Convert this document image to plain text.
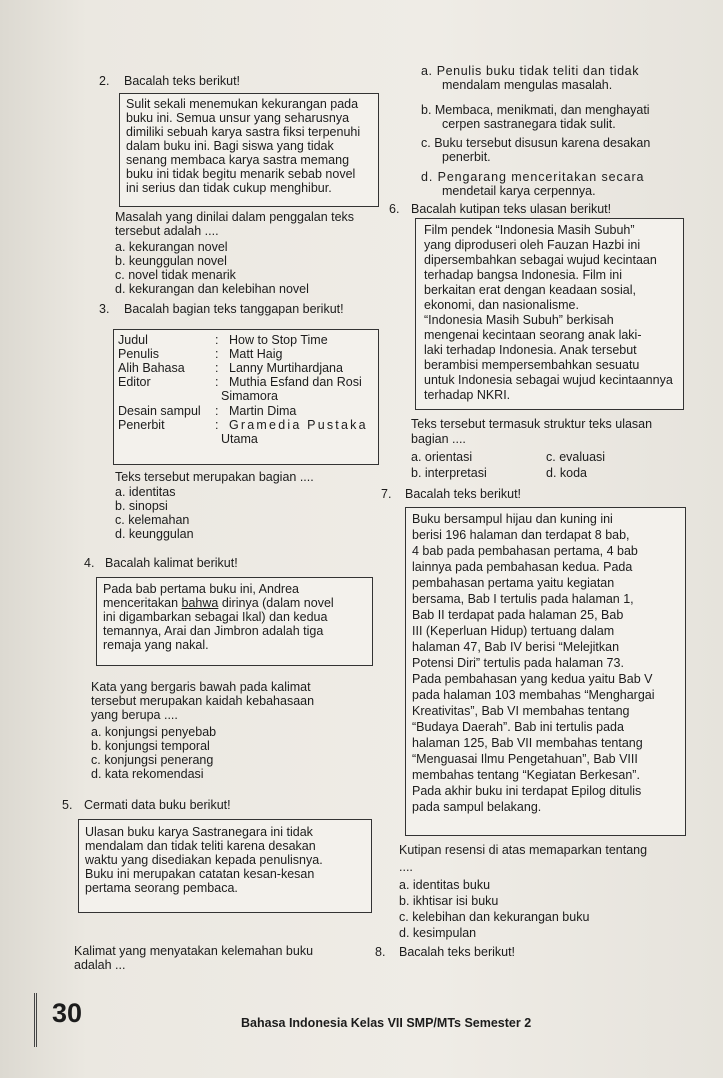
2. Bacalah teks berikut!
Sulit sekali menemukan kekurangan pada
buku ini. Semua unsur yang seharusnya
dimiliki sebuah karya sastra fiksi terpenuhi
dalam buku ini. Bagi siswa yang tidak
senang membaca karya sastra memang
buku ini tidak begitu menarik sebab novel
ini serius dan tidak cukup menghibur.
Masalah yang dinilai dalam penggalan teks
tersebut adalah ....
a. kekurangan novel
b. keunggulan novel
c. novel tidak menarik
d. kekurangan dan kelebihan novel
3. Bacalah bagian teks tanggapan berikut!
Judul	: How to Stop Time
Penulis	: Matt Haig
Alih Bahasa	: Lanny Murtihardjana
Editor	: Muthia Esfand dan Rosi
Simamora
Desain sampul	: Martin Dima
Penerbit	: Gramedia Pustaka
Utama
Teks tersebut merupakan bagian ....
a. identitas
b. sinopsi
c. kelemahan
d. keunggulan
4. Bacalah kalimat berikut!
Pada bab pertama buku ini, Andrea
menceritakan bahwa dirinya (dalam novel
ini digambarkan sebagai Ikal) dan kedua
temannya, Arai dan Jimbron adalah tiga
remaja yang nakal.
Kata yang bergaris bawah pada kalimat
tersebut merupakan kaidah kebahasaan
yang berupa ....
a. konjungsi penyebab
b. konjungsi temporal
c. konjungsi penerang
d. kata rekomendasi
5. Cermati data buku berikut!
Ulasan buku karya Sastranegara ini tidak
mendalam dan tidak teliti karena desakan
waktu yang disediakan kepada penulisnya.
Buku ini merupakan catatan kesan-kesan
pertama seorang pembaca.
Kalimat yang menyatakan kelemahan buku
adalah ...
a. Penulis buku tidak teliti dan tidak
mendalam mengulas masalah.
b. Membaca, menikmati, dan menghayati
cerpen sastranegara tidak sulit.
c. Buku tersebut disusun karena desakan
penerbit.
d. Pengarang menceritakan secara
mendetail karya cerpennya.
6. Bacalah kutipan teks ulasan berikut!
Film pendek “Indonesia Masih Subuh”
yang diproduseri oleh Fauzan Hazbi ini
dipersembahkan sebagai wujud kecintaan
terhadap bangsa Indonesia. Film ini
berkaitan erat dengan keadaan sosial,
ekonomi, dan nasionalisme.
“Indonesia Masih Subuh” berkisah
mengenai kecintaan seorang anak laki-
laki terhadap Indonesia. Anak tersebut
berambisi mempersembahkan sesuatu
untuk Indonesia sebagai wujud kecintaannya
terhadap NKRI.
Teks tersebut termasuk struktur teks ulasan
bagian ....
a. orientasi
b. interpretasi
c. evaluasi
d. koda
7. Bacalah teks berikut!
Buku bersampul hijau dan kuning ini
berisi 196 halaman dan terdapat 8 bab,
4 bab pada pembahasan pertama, 4 bab
lainnya pada pembahasan kedua. Pada
pembahasan pertama yaitu kegiatan
bersama, Bab I tertulis pada halaman 1,
Bab II terdapat pada halaman 25, Bab
III (Keperluan Hidup) tertuang dalam
halaman 47, Bab IV berisi “Melejitkan
Potensi Diri” tertulis pada halaman 73.
Pada pembahasan yang kedua yaitu Bab V
pada halaman 103 membahas “Menghargai
Kreativitas”, Bab VI membahas tentang
“Budaya Daerah”. Bab ini tertulis pada
halaman 125, Bab VII membahas tentang
“Menguasai Ilmu Pengetahuan”, Bab VIII
membahas tentang “Kegiatan Berkesan”.
Pada akhir buku ini terdapat Epilog ditulis
pada sampul belakang.
Kutipan resensi di atas memaparkan tentang
....
a. identitas buku
b. ikhtisar isi buku
c. kelebihan dan kekurangan buku
d. kesimpulan
8. Bacalah teks berikut!
30	Bahasa Indonesia Kelas VII SMP/MTs Semester 2
